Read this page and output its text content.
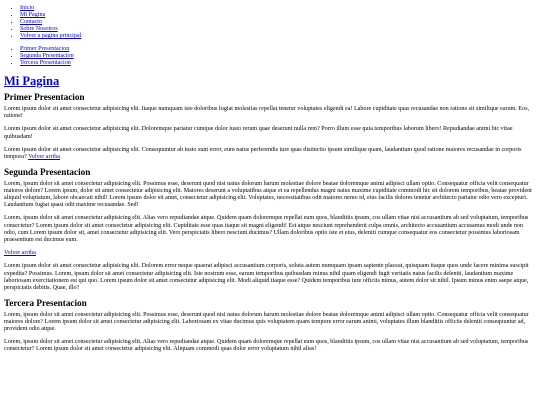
• Inicio
• Mi Pagina
• Contacto
• Sobre Nosotros
• Volver a pagina principal
• Primer Presentacion
• Segunda Presentacion
• Tercera Presentacion
Mi Pagina
Primer Presentacion

Lorem ipsum dolor sit amet consectetur adipisicing elit. Itaque numquam iste doloribus fugiat molestias repellat tenetur voluptates eligendi ea! Labore cupiditate quas recusandae non ratione sit similique earum. Eos, ratione!

Lorem ipsum dolor sit amet consectetur adipisicing elit. Doloremque pariatur cumque dolor iusto rerum quae deserunt nulla rem? Porro illum esse quia temporibus laborum libero! Repudiandae animi hic vitae quibusdam!

Lorem ipsum dolor sit amet consectetur adipisicing elit. Consequuntur ab iusto sunt error, eum natus perferendis iure quas distinctio ipsum similique quam, laudantium quod ratione maiores recusandae in corporis tempora? Volver arriba

Segunda Presentacion

Lorem, ipsum dolor sit amet consectetur adipisicing elit. Possimus esse, deserunt quod nisi natus dolorum harum molestiae dolore beatae doloremque animi adipisci ullam optio. Consequatur officia velit consequatur maiores dolore? Lorem ipsum, dolor sit amet consectetur adipisicing elit. Maiores deserunt a voluptatibus atque et ea repellendus magni natus maxime cupiditate commodi hic sit dolorem temporibus, beatae provident aliquid voluptatum, labore obcaecati nihil! Lorem ipsum dolor sit amet, consectetur adipisicing elit. Voluptates, necessitatibus odit maiores nemo id, eius facilis dolores tenetur architecto pariatur odio vero excepturi. Laudantium fugiat quasi odit maxime recusandae. Sed!

Lorem, ipsum dolor sit amet consectetur adipisicing elit. Alias vero repudiandae atque. Quidem quam doloremque repellat eum quos, blanditiis ipsum, cos ullam vitae nisi accusantium ab sed voluptatum, temporibus consectetur? Lorem ipsum dolor sit amet consectetur adipisicing elit. Cupiditate esse quas itaque sit magni eligendi! Est atque nesciunt reprehenderit culpa omnis, architecto accusantium accusamus modi unde non odio, cum Lorem ipsum dolor sit, amet consectetur adipisicing elit. Vero perspiciatis libero nesciunt ducimus? Ullam doloribus optio iste et eius, deleniti cumque consequatur eos consectetur possimus laboriosam praesentium est ducimus eum.

Volver arriba

Lorem ipsum dolor sit amet consectetur adipisicing elit. Dolorem error neque quaerat adipisci accusantium corporis, soluta autem numquam ipsam sapiente placeat, quisquam itaque quos unde facere minima suscipit expedita? Possimus. Lorem, ipsum dolor sit amet consectetur adipisicing elit. Iste nostrum esse, earum temporibus quibusdam minus nihil quam eligendi fugit veritatis natus facilis deleniti, laudantium maxime laboriosam exercitationem est qui quo. Lorem ipsum dolor sit amet consectetur adipisicing elit. Modi aliquid itaque esse? Quidem temporibus iure officiis minus, autem dolor sit nihil. Ipsum minus enim saepe atque, perspiciatis debitis. Quae, illo?

Tercera Presentacion

Lorem, ipsum dolor sit amet consectetur adipisicing elit. Possimus esse, deserunt quod nisi natus dolorum harum molestiae dolore beatae doloremque animi adipisci ullam optio. Consequatur officia velit consequatur maiores dolore? Lorem ipsum dolor sit amet consectetur adipisicing elit. Laboriosam ex vitae ducimus quis voluptatem quam tempore error earum animi, voluptates illum blanditiis officiis deleniti consequuntur ad, provident odio atque.

Lorem, ipsum dolor sit amet consectetur adipisicing elit. Alias vero repudiandae atque. Quidem quam doloremque repellat eum quos, blanditiis ipsum, cos ullam vitae nisi accusantium ab sed voluptatum, temporibus consectetur? Lorem ipsum dolor sit amet consectetur adipisicing elit. Aliquam commodi quas dolor error voluptatum nihil alias!
